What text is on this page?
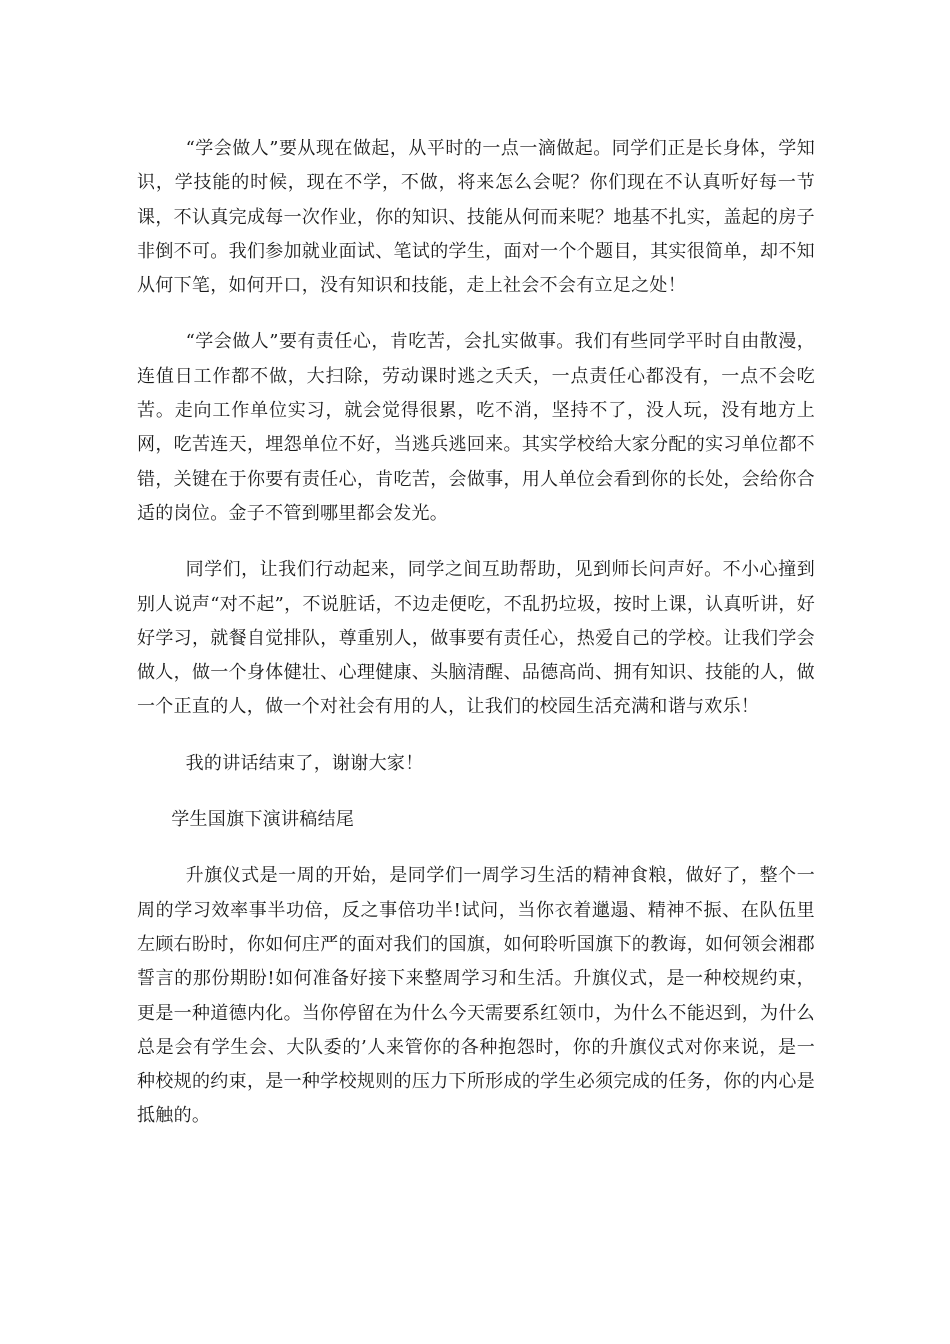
“学会做人”要从现在做起，从平时的一点一滴做起。同学们正是长身体，学知识，学技能的时候，现在不学，不做，将来怎么会呢？你们现在不认真听好每一节课，不认真完成每一次作业，你的知识、技能从何而来呢？地基不扎实，盖起的房子非倒不可。我们参加就业面试、笔试的学生，面对一个个题目，其实很简单，却不知从何下笔，如何开口，没有知识和技能，走上社会不会有立足之处！

“学会做人”要有责任心，肯吃苦，会扎实做事。我们有些同学平时自由散漫，连值日工作都不做，大扫除，劳动课时逃之夭夭，一点责任心都没有，一点不会吃苦。走向工作单位实习，就会觉得很累，吃不消，坚持不了，没人玩，没有地方上网，吃苦连天，埋怨单位不好，当逃兵逃回来。其实学校给大家分配的实习单位都不错，关键在于你要有责任心，肯吃苦，会做事，用人单位会看到你的长处，会给你合适的岗位。金子不管到哪里都会发光。

同学们，让我们行动起来，同学之间互助帮助，见到师长问声好。不小心撞到别人说声“对不起”，不说脏话，不边走便吃，不乱扔垃圾，按时上课，认真听讲，好好学习，就餐自觉排队，尊重别人，做事要有责任心，热爱自己的学校。让我们学会做人，做一个身体健壮、心理健康、头脑清醒、品德高尚、拥有知识、技能的人，做一个正直的人，做一个对社会有用的人，让我们的校园生活充满和谐与欢乐！

我的讲话结束了，谢谢大家！

学生国旗下演讲稿结尾

升旗仪式是一周的开始，是同学们一周学习生活的精神食粮，做好了，整个一周的学习效率事半功倍，反之事倍功半!试问，当你衣着邋遢、精神不振、在队伍里左顾右盼时，你如何庄严的面对我们的国旗，如何聆听国旗下的教诲，如何领会湘郡誓言的那份期盼!如何准备好接下来整周学习和生活。升旗仪式，是一种校规约束，更是一种道德内化。当你停留在为什么今天需要系红领巾，为什么不能迟到，为什么总是会有学生会、大队委的’人来管你的各种抱怨时，你的升旗仪式对你来说，是一种校规的约束，是一种学校规则的压力下所形成的学生必须完成的任务，你的内心是抵触的。
